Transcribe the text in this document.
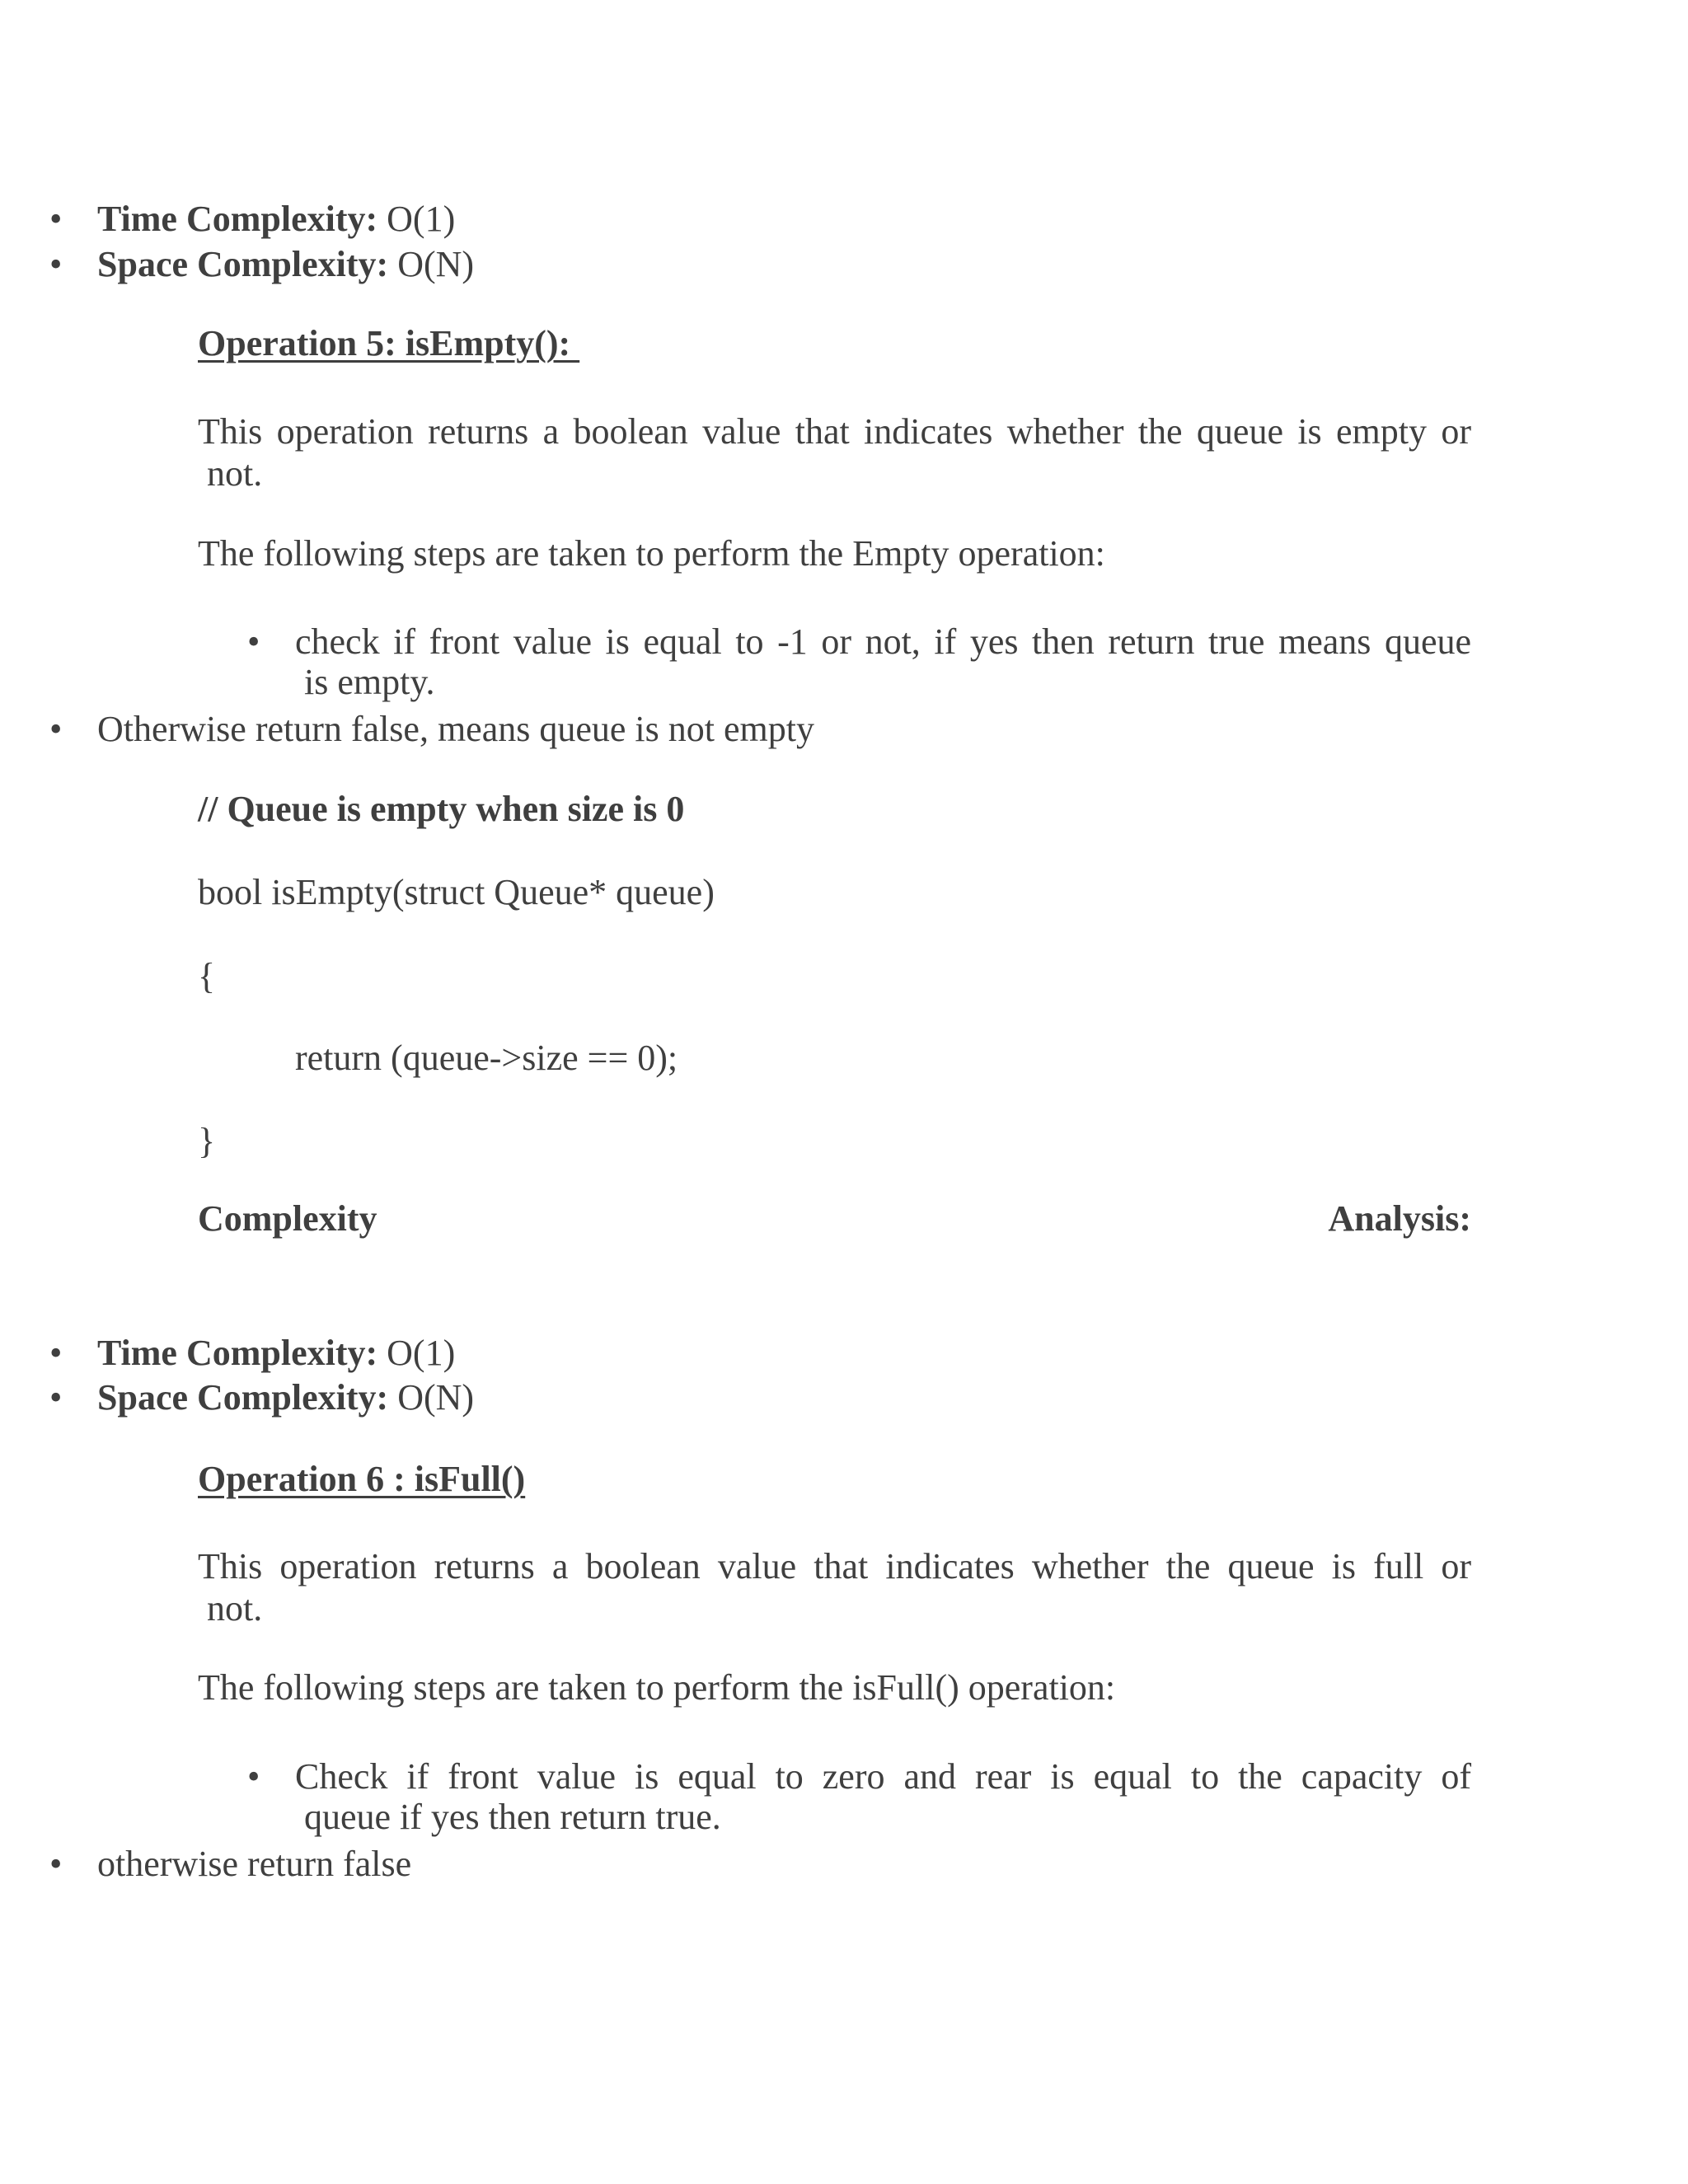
• Time Complexity: O(1)
• Space Complexity: O(N)
Operation 5: isEmpty():
This operation returns a boolean value that indicates whether the queue is empty or
not.
The following steps are taken to perform the Empty operation:
• check if front value is equal to -1 or not, if yes then return true means queue
is empty.
• Otherwise return false, means queue is not empty
// Queue is empty when size is 0
bool isEmpty(struct Queue* queue)
{
return (queue->size == 0);
}
Complexity	Analysis:
• Time Complexity: O(1)
• Space Complexity: O(N)
Operation 6 : isFull()
This operation returns a boolean value that indicates whether the queue is full or
not.
The following steps are taken to perform the isFull() operation:
• Check if front value is equal to zero and rear is equal to the capacity of
queue if yes then return true.
• otherwise return false
